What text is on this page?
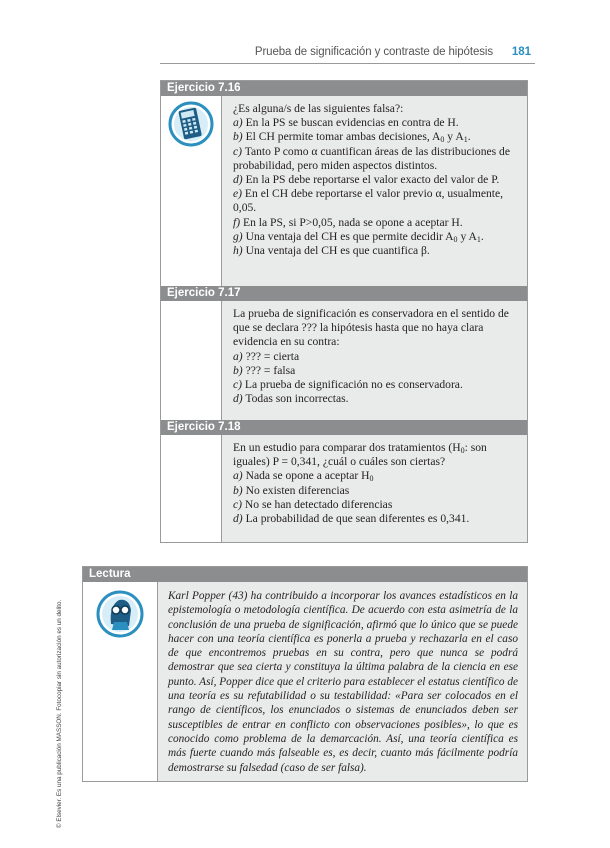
Prueba de significación y contraste de hipótesis 181
Ejercicio 7.16

¿Es alguna/s de las siguientes falsa?:

a) En la PS se buscan evidencias en contra de H.

b) El CH permite tomar ambas decisiones, $A_0$ y $A_1$.

c) Tanto P como α cuantifican áreas de las distribuciones de probabilidad, pero miden aspectos distintos.

d) En la PS debe reportarse el valor exacto del valor de P.

e) En el CH debe reportarse el valor previo α, usualmente, 0,05.

f) En la PS, si P>0,05, nada se opone a aceptar H.

g) Una ventaja del CH es que permite decidir $A_0$ y $A_1$.

h) Una ventaja del CH es que cuantifica β.

Ejercicio 7.17

La prueba de significación es conservadora en el sentido de que se declara ??? la hipótesis hasta que no haya clara evidencia en su contra:

a) ??? = cierta

b) ??? = falsa

c) La prueba de significación no es conservadora.

d) Todas son incorrectas.

Ejercicio 7.18

En un estudio para comparar dos tratamientos ($H_0$: son iguales) P = 0,341, ¿cuál o cuáles son ciertas?

a) Nada se opone a aceptar $H_0$

b) No existen diferencias

c) No se han detectado diferencias

d) La probabilidad de que sean diferentes es 0,341.

Lectura
Karl Popper (43) ha contribuido a incorporar los avances estadísticos en la epistemología o metodología científica. De acuerdo con esta asimetría de la conclusión de una prueba de significación, afirmó que lo único que se puede hacer con una teoría científica es ponerla a prueba y rechazarla en el caso de que encontremos pruebas en su contra, pero que nunca se podrá demostrar que sea cierta y constituya la última palabra de la ciencia en ese punto. Así, Popper dice que el criterio para establecer el estatus científico de una teoría es su refutabilidad o su testabilidad: «Para ser colocados en el rango de científicos, los enunciados o sistemas de enunciados deben ser susceptibles de entrar en conflicto con observaciones posibles», lo que es conocido como problema de la demarcación. Así, una teoría científica es más fuerte cuando más falseable es, es decir, cuanto más fácilmente podría demostrarse su falsedad (caso de ser falsa).
© Elsevier. Es una publicación MASSON. Fotocopiar sin autorización es un delito.
